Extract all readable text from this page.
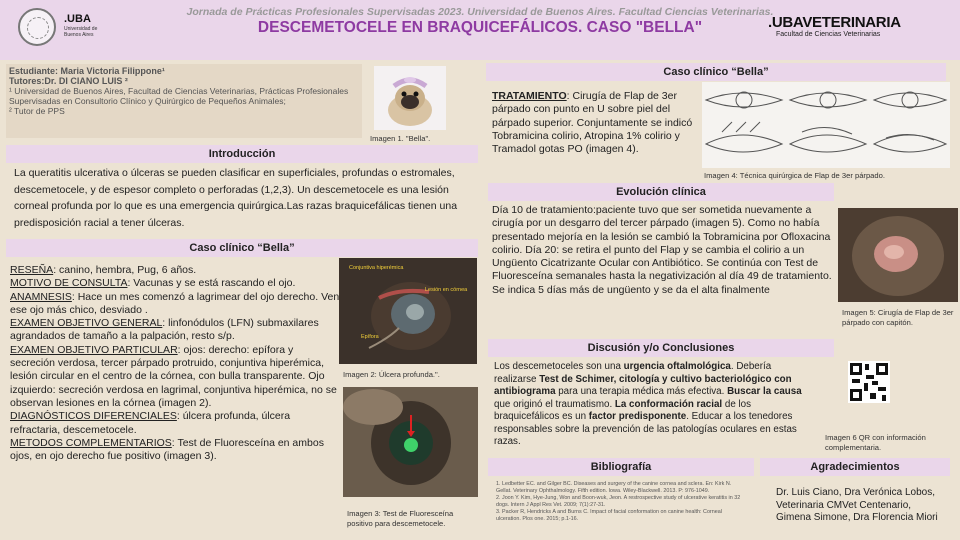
.UBA
Universidad de Buenos Aires
Jornada de Prácticas Profesionales Supervisadas 2023. Universidad de Buenos Aires. Facultad Ciencias Veterinarias.
DESCEMETOCELE EN BRAQUICEFÁLICOS. CASO "BELLA"	.UBAVETERINARIA
Facultad de Ciencias Veterinarias
Estudiante: Maria Victoria Filippone¹
Tutores:Dr. DI CIANO LUIS ²
¹ Universidad de Buenos Aires, Facultad de Ciencias Veterinarias, Prácticas Profesionales Supervisadas en Consultorio Clínico y Quirúrgico de Pequeños Animales;
² Tutor de PPS
Imagen 1. "Bella".
Introducción
La queratitis ulcerativa o úlceras se pueden clasificar en superficiales, profundas o estromales, descemetocele, y de espesor completo o perforadas (1,2,3). Un descemetocele es una lesión corneal profunda por lo que es una emergencia quirúrgica.Las razas braquicefálicas tienen una predisposición racial a tener úlceras.
Caso clínico “Bella”
RESEÑA: canino, hembra, Pug, 6 años.
MOTIVO DE CONSULTA: Vacunas y se está rascando el ojo.
ANAMNESIS: Hace un mes comenzó a lagrimear del ojo derecho. Ven ese ojo más chico, desviado .
EXAMEN OBJETIVO GENERAL: linfonódulos (LFN) submaxilares agrandados de tamaño a la palpación, resto s/p.
EXAMEN OBJETIVO PARTICULAR: ojos: derecho: epífora y secreción verdosa, tercer párpado protruido, conjuntiva hiperémica, lesión circular en el centro de la córnea, con bulla transparente. Ojo izquierdo: secreción verdosa en lagrimal, conjuntiva hiperémica, no se observan lesiones en la córnea (imagen 2).
DIAGNÓSTICOS DIFERENCIALES: úlcera profunda, úlcera refractaria, descemetocele.
METODOS COMPLEMENTARIOS: Test de Fluoresceína en ambos ojos, en ojo derecho fue positivo (imagen 3).
Conjuntiva hiperémica
Lesión en córnea
Epífora
Imagen 2: Úlcera profunda.".
Imagen 3: Test de Fluoresceína positivo para descemetocele.
Caso clínico “Bella”
TRATAMIENTO: Cirugía de Flap de 3er párpado con punto en U sobre piel del párpado superior. Conjuntamente se indicó Tobramicina colirio, Atropina 1% colirio y Tramadol gotas PO (imagen 4).
Imagen 4: Técnica quirúrgica de Flap de 3er párpado.
Evolución clínica
Día 10 de tratamiento:paciente tuvo que ser sometida nuevamente a cirugía por un desgarro del tercer párpado (imagen 5). Como no había presentado mejoría en la lesión se cambió la Tobramicina por Ofloxacina colirio. Día 20: se retira el punto del Flap y se cambia el colirio a un Ungüento Cicatrizante Ocular con Antibiótico. Se continúa con Test de Fluoresceína semanales hasta la negativización al día 49 de tratamiento. Se indica 5 días más de ungüento y se da el alta finalmente
Imagen 5: Cirugía de Flap de 3er párpado con capitón.
Discusión y/o Conclusiones
Los descemetoceles son una urgencia oftalmológica. Debería realizarse Test de Schimer, citología y cultivo bacteriológico con antibiograma para una terapia médica más efectiva. Buscar la causa que originó el traumatismo. La conformación racial de los braquicefálicos es un factor predisponente. Educar a los tenedores responsables sobre la prevención de las patologías oculares en estas razas.	Imagen 6 QR con información complementaria.
Bibliografía
1. Ledbetter EC. and Gilger BC. Diseases and surgery of the canine cornea and sclera. En: Kirk N. Gellat. Veterinary Ophthalmology. Fifth edition. Iowa. Wiley-Blackwell. 2013. P: 976-1049.
2. Joon Y. Kim, Hye-Jung, Won and Boon-wuk, Jeon. A restrospective study of ulcerative keratitis in 32 dogs. Intern J Appl Res Vet. 2009; 7(1):27-31.
3. Packer R, Hendricks A and Burns C. Impact of facial conformation on canine health: Corneal ulceration. Plos one. 2015; p.1-16.
Agradecimientos
Dr. Luis Ciano, Dra Verónica Lobos, Veterinaria CMVet Centenario, Gimena Simone, Dra Florencia Miori
